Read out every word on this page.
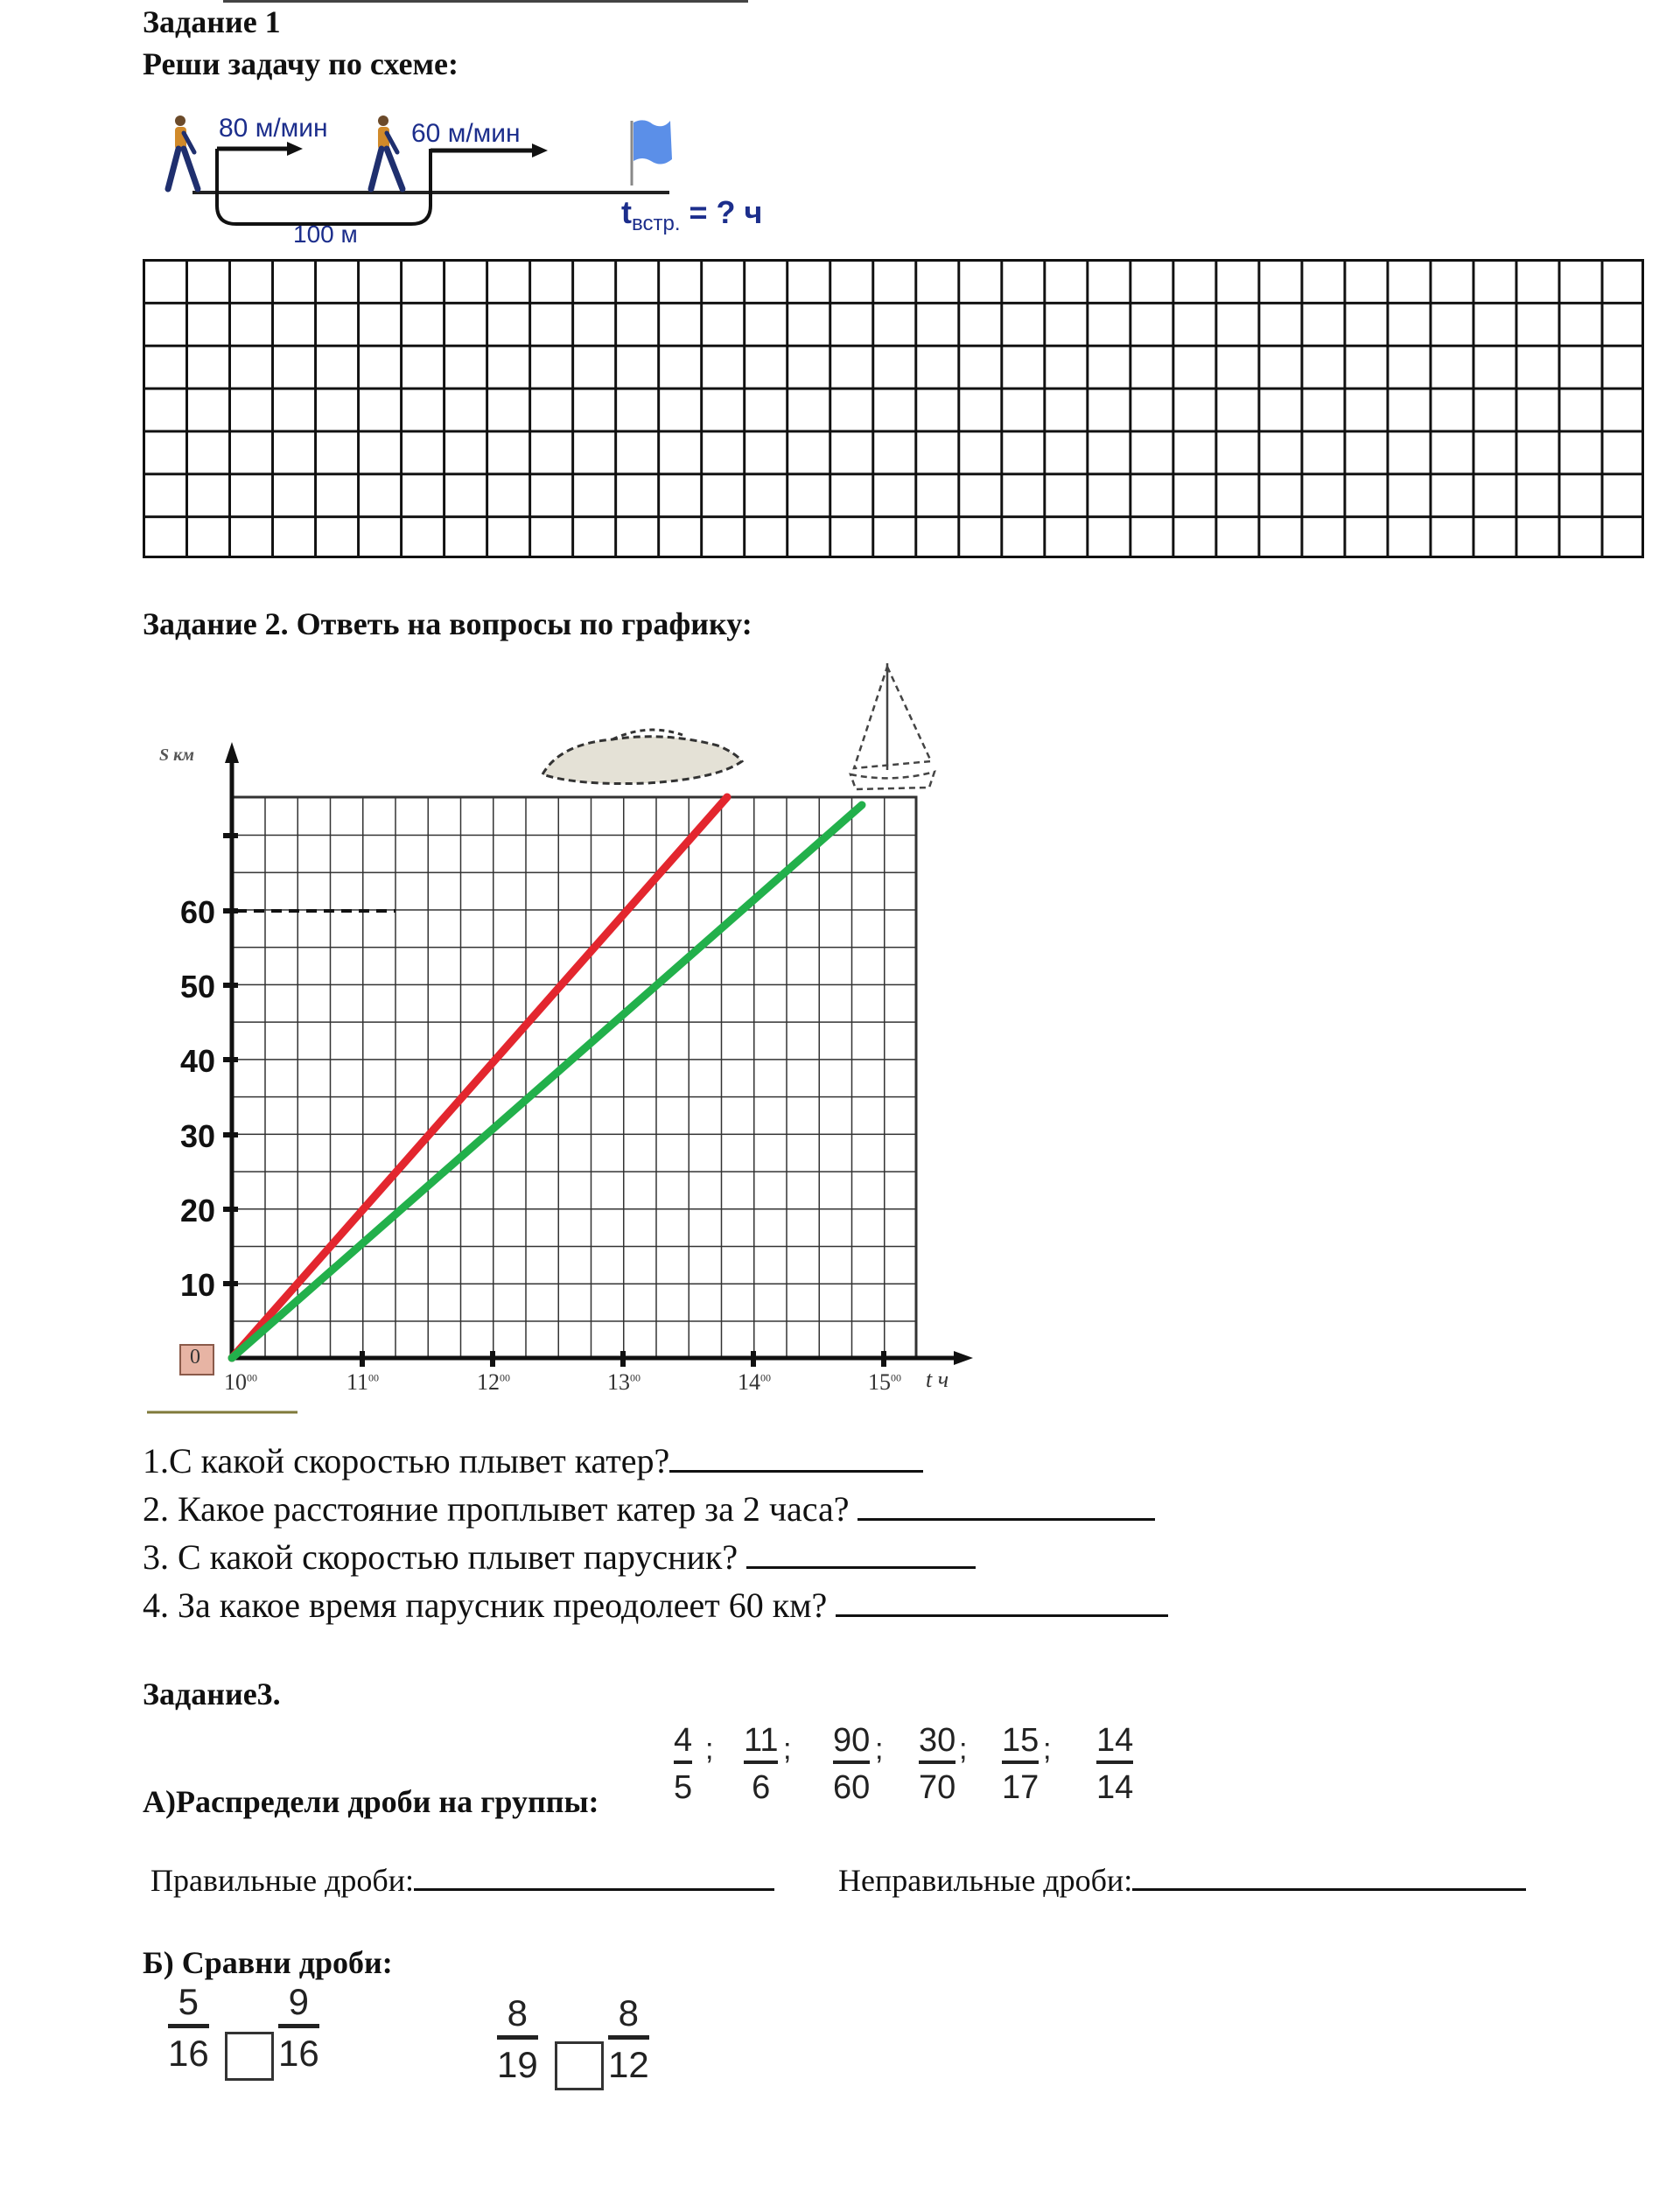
Задание 1
Реши задачу по схеме:
80 м/мин	60 м/мин
100 м
$t_{встр.}$ = ? ч
Задание 2. Ответь на вопросы по графику:
S км
0
10
20
30
40
50
60
$10^{00}$	$11^{00}$	$12^{00}$	$13^{00}$	$14^{00}$	$15^{00}$ t ч
1.С какой скоростью плывет катер?
2. Какое расстояние проплывет катер за 2 часа?
3. С какой скоростью плывет парусник?
4. За какое время парусник преодолеет 60 км?
Задание3.
А)Распредели дроби на группы:
4
5
; 11
6
; 90
60
; 30
70
; 15
17
; 14
14
Правильные дроби:	Неправильные дроби:
Б) Сравни дроби:
5
16
9
16
8
19
8
12
